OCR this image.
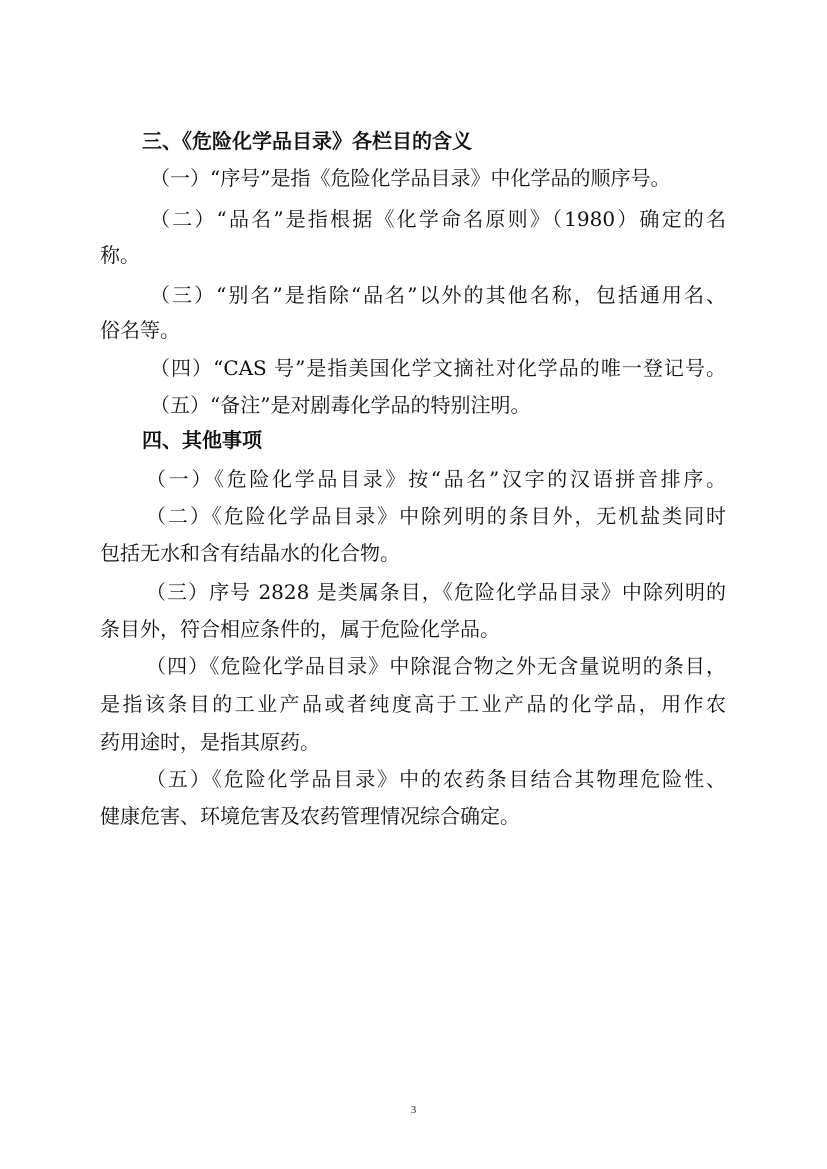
三、《危险化学品目录》各栏目的含义
（一）“序号”是指《危险化学品目录》中化学品的顺序号。
（二）“品名”是指根据《化学命名原则》（1980）确定的名
称。
（三）“别名”是指除“品名”以外的其他名称，包括通用名、
俗名等。
（四）“CAS 号”是指美国化学文摘社对化学品的唯一登记号。
（五）“备注”是对剧毒化学品的特别注明。
四、其他事项
（一）《危险化学品目录》按“品名”汉字的汉语拼音排序。
（二）《危险化学品目录》中除列明的条目外，无机盐类同时
包括无水和含有结晶水的化合物。
（三）序号 2828 是类属条目，《危险化学品目录》中除列明的
条目外，符合相应条件的，属于危险化学品。
（四）《危险化学品目录》中除混合物之外无含量说明的条目，
是指该条目的工业产品或者纯度高于工业产品的化学品，用作农
药用途时，是指其原药。
（五）《危险化学品目录》中的农药条目结合其物理危险性、
健康危害、环境危害及农药管理情况综合确定。
3
